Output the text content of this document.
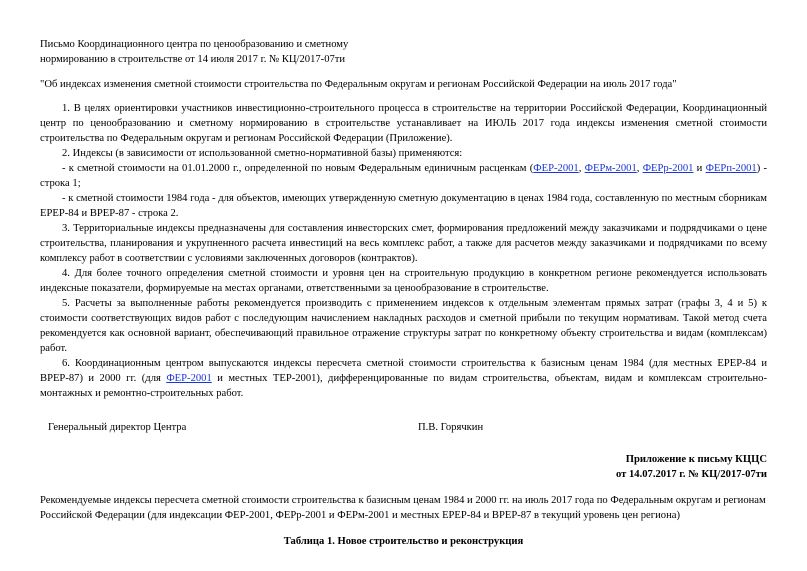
Письмо Координационного центра по ценообразованию и сметному

нормированию в строительстве от 14 июля 2017 г. № КЦ/2017-07ти

"Об индексах изменения сметной стоимости строительства по Федеральным округам и регионам Российской Федерации на июль 2017 года"

1. В целях ориентировки участников инвестиционно-строительного процесса в строительстве на территории Российской Федерации, Координационный центр по ценообразованию и сметному нормированию в строительстве устанавливает на ИЮЛЬ 2017 года индексы изменения сметной стоимости строительства по Федеральным округам и регионам Российской Федерации (Приложение).

2. Индексы (в зависимости от использованной сметно-нормативной базы) применяются:

- к сметной стоимости на 01.01.2000 г., определенной по новым Федеральным единичным расценкам (ФЕР-2001, ФЕРм-2001, ФЕРр-2001 и ФЕРп-2001) - строка 1;

- к сметной стоимости 1984 года - для объектов, имеющих утвержденную сметную документацию в ценах 1984 года, составленную по местным сборникам ЕРЕР-84 и ВРЕР-87 - строка 2.

3. Территориальные индексы предназначены для составления инвесторских смет, формирования предложений между заказчиками и подрядчиками о цене строительства, планирования и укрупненного расчета инвестиций на весь комплекс работ, а также для расчетов между заказчиками и подрядчиками по всему комплексу работ в соответствии с условиями заключенных договоров (контрактов).

4. Для более точного определения сметной стоимости и уровня цен на строительную продукцию в конкретном регионе рекомендуется использовать индексные показатели, формируемые на местах органами, ответственными за ценообразование в строительстве.

5. Расчеты за выполненные работы рекомендуется производить с применением индексов к отдельным элементам прямых затрат (графы 3, 4 и 5) к стоимости соответствующих видов работ с последующим начислением накладных расходов и сметной прибыли по текущим нормативам. Такой метод счета рекомендуется как основной вариант, обеспечивающий правильное отражение структуры затрат по конкретному объекту строительства и видам (комплексам) работ.

6. Координационным центром выпускаются индексы пересчета сметной стоимости строительства к базисным ценам 1984 (для местных ЕРЕР-84 и ВРЕР-87) и 2000 гг. (для ФЕР-2001 и местных ТЕР-2001), дифференцированные по видам строительства, объектам, видам и комплексам строительно-монтажных и ремонтно-строительных работ.

Генеральный директор Центра	П.В. Горячкин
Приложение к письму КЦЦС
от 14.07.2017 г. № КЦ/2017-07ти

Рекомендуемые индексы пересчета сметной стоимости строительства к базисным ценам 1984 и 2000 гг. на июль 2017 года по Федеральным округам и регионам Российской Федерации (для индексации ФЕР-2001, ФЕРр-2001 и ФЕРм-2001 и местных ЕРЕР-84 и ВРЕР-87 в текущий уровень цен региона)

Таблица 1. Новое строительство и реконструкция
